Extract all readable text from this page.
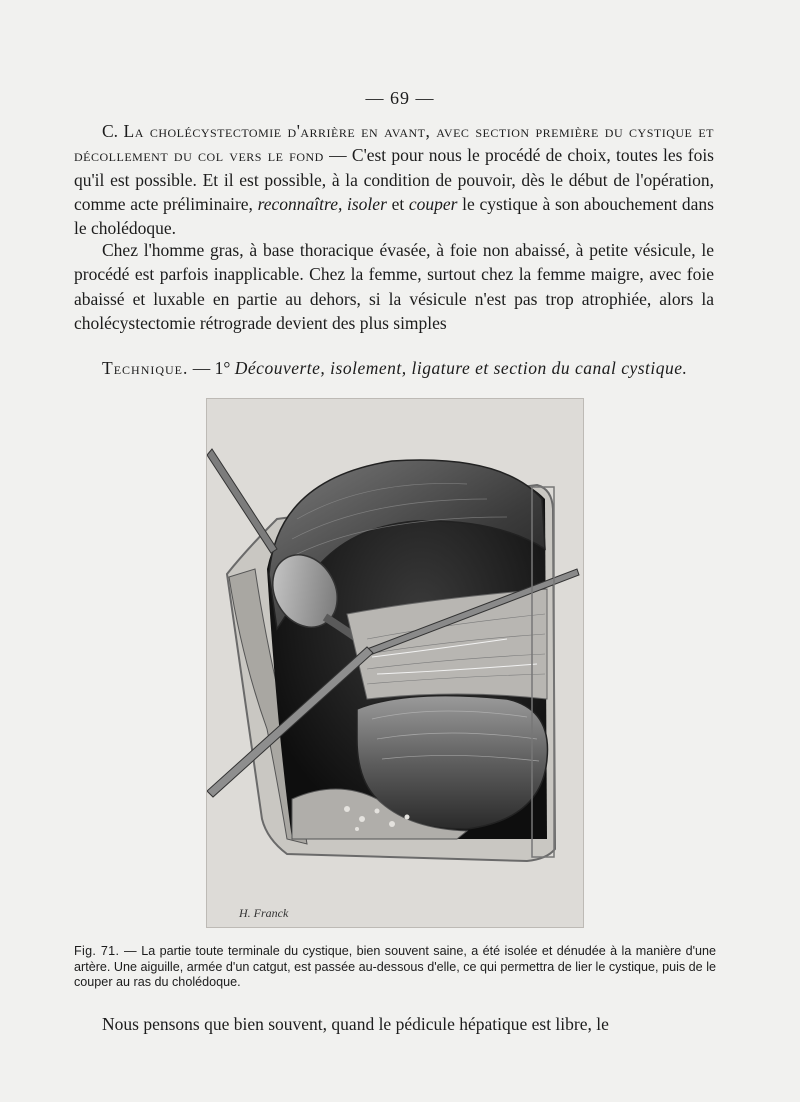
— 69 —
C. La cholécystectomie d'arrière en avant, avec section première du cystique et décollement du col vers le fond — C'est pour nous le procédé de choix, toutes les fois qu'il est possible. Et il est possible, à la condition de pouvoir, dès le début de l'opération, comme acte préliminaire, reconnaître, isoler et couper le cystique à son abouchement dans le cholédoque.
Chez l'homme gras, à base thoracique évasée, à foie non abaissé, à petite vésicule, le procédé est parfois inapplicable. Chez la femme, surtout chez la femme maigre, avec foie abaissé et luxable en partie au dehors, si la vésicule n'est pas trop atrophiée, alors la cholécystectomie rétrograde devient des plus simples
Technique. — 1° Découverte, isolement, ligature et section du canal cystique.
H. Franck
Fig. 71. — La partie toute terminale du cystique, bien souvent saine, a été isolée et dénudée à la manière d'une artère. Une aiguille, armée d'un catgut, est passée au-dessous d'elle, ce qui permettra de lier le cystique, puis de le couper au ras du cholédoque.
Nous pensons que bien souvent, quand le pédicule hépatique est libre, le
